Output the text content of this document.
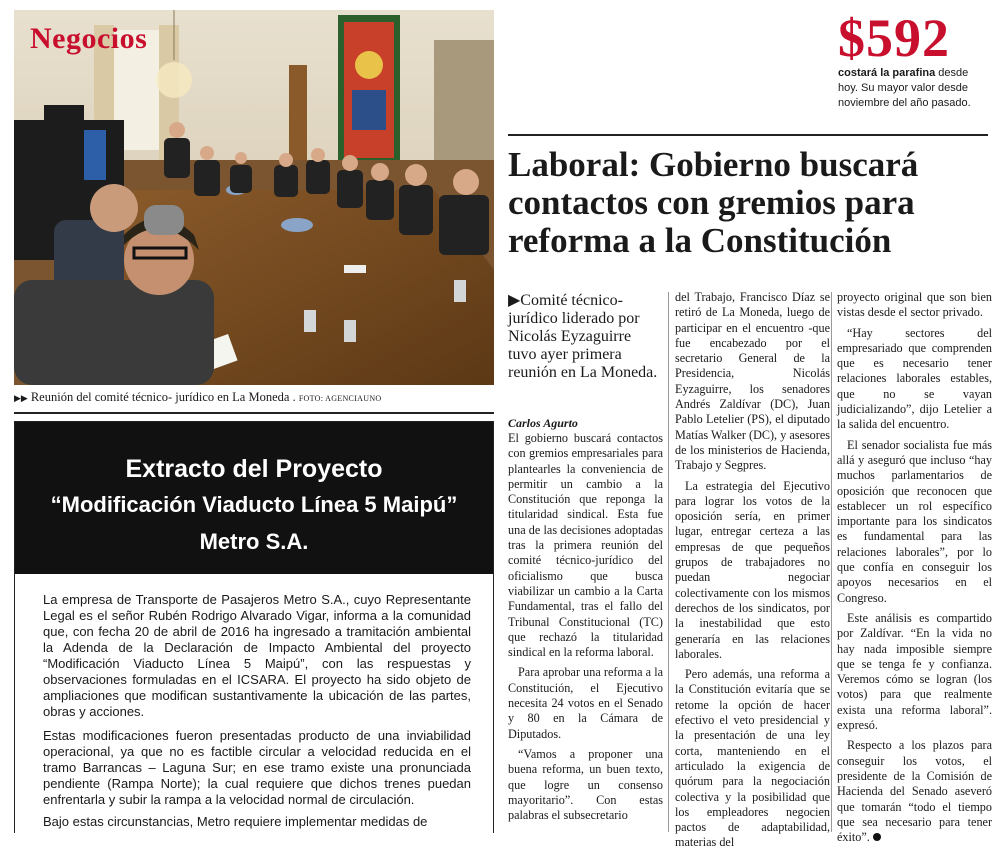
Negocios
▶▶ Reunión del comité técnico- jurídico en La Moneda . FOTO: AGENCIAUNO
Extracto del Proyecto
“Modificación Viaducto Línea 5 Maipú”
Metro S.A.

La empresa de Transporte de Pasajeros Metro S.A., cuyo Representante Legal es el señor Rubén Rodrigo Alvarado Vigar, informa a la comunidad que, con fecha 20 de abril de 2016 ha ingresado a tramitación ambiental la Adenda de la Declaración de Impacto Ambiental del proyecto “Modificación Viaducto Línea 5 Maipú”, con las respuestas y observaciones formuladas en el ICSARA. El proyecto ha sido objeto de ampliaciones que modifican sustantivamente la ubicación de las partes, obras y acciones.

Estas modificaciones fueron presentadas producto de una inviabilidad operacional, ya que no es factible circular a velocidad reducida en el tramo Barrancas – Laguna Sur; en ese tramo existe una pronunciada pendiente (Rampa Norte); la cual requiere que dichos trenes puedan enfrentarla y subir la rampa a la velocidad normal de circulación.

Bajo estas circunstancias, Metro requiere implementar medidas de

$592
costará la parafina desde hoy. Su mayor valor desde noviembre del año pasado.
Laboral: Gobierno buscará contactos con gremios para reforma a la Constitución

▶Comité técnico-jurídico liderado por Nicolás Eyzaguirre tuvo ayer primera reunión en La Moneda.

Carlos Agurto

El gobierno buscará contactos con gremios empresariales para plantearles la conveniencia de permitir un cambio a la Constitución que reponga la titularidad sindical. Esta fue una de las decisiones adoptadas tras la primera reunión del comité técnico-jurídico del oficialismo que busca viabilizar un cambio a la Carta Fundamental, tras el fallo del Tribunal Constitucional (TC) que rechazó la titularidad sindical en la reforma laboral.

Para aprobar una reforma a la Constitución, el Ejecutivo necesita 24 votos en el Senado y 80 en la Cámara de Diputados.

“Vamos a proponer una buena reforma, un buen texto, que logre un consenso mayoritario”. Con estas palabras el subsecretario

del Trabajo, Francisco Díaz se retiró de La Moneda, luego de participar en el encuentro -que fue encabezado por el secretario General de la Presidencia, Nicolás Eyzaguirre, los senadores Andrés Zaldívar (DC), Juan Pablo Letelier (PS), el diputado Matías Walker (DC), y asesores de los ministerios de Hacienda, Trabajo y Segpres.

La estrategia del Ejecutivo para lograr los votos de la oposición sería, en primer lugar, entregar certeza a las empresas de que pequeños grupos de trabajadores no puedan negociar colectivamente con los mismos derechos de los sindicatos, por la inestabilidad que esto generaría en las relaciones laborales.

Pero además, una reforma a la Constitución evitaría que se retome la opción de hacer efectivo el veto presidencial y la presentación de una ley corta, manteniendo en el articulado la exigencia de quórum para la negociación colectiva y la posibilidad que los empleadores negocien pactos de adaptabilidad, materias del

proyecto original que son bien vistas desde el sector privado.

“Hay sectores del empresariado que comprenden que es necesario tener relaciones laborales estables, que no se vayan judicializando”, dijo Letelier a la salida del encuentro.

El senador socialista fue más allá y aseguró que incluso “hay muchos parlamentarios de oposición que reconocen que establecer un rol específico importante para los sindicatos es fundamental para las relaciones laborales”, por lo que confía en conseguir los apoyos necesarios en el Congreso.

Este análisis es compartido por Zaldívar. “En la vida no hay nada imposible siempre que se tenga fe y confianza. Veremos cómo se logran (los votos) para que realmente exista una reforma laboral”. expresó.

Respecto a los plazos para conseguir los votos, el presidente de la Comisión de Hacienda del Senado aseveró que tomarán “todo el tiempo que sea necesario para tener éxito”.
